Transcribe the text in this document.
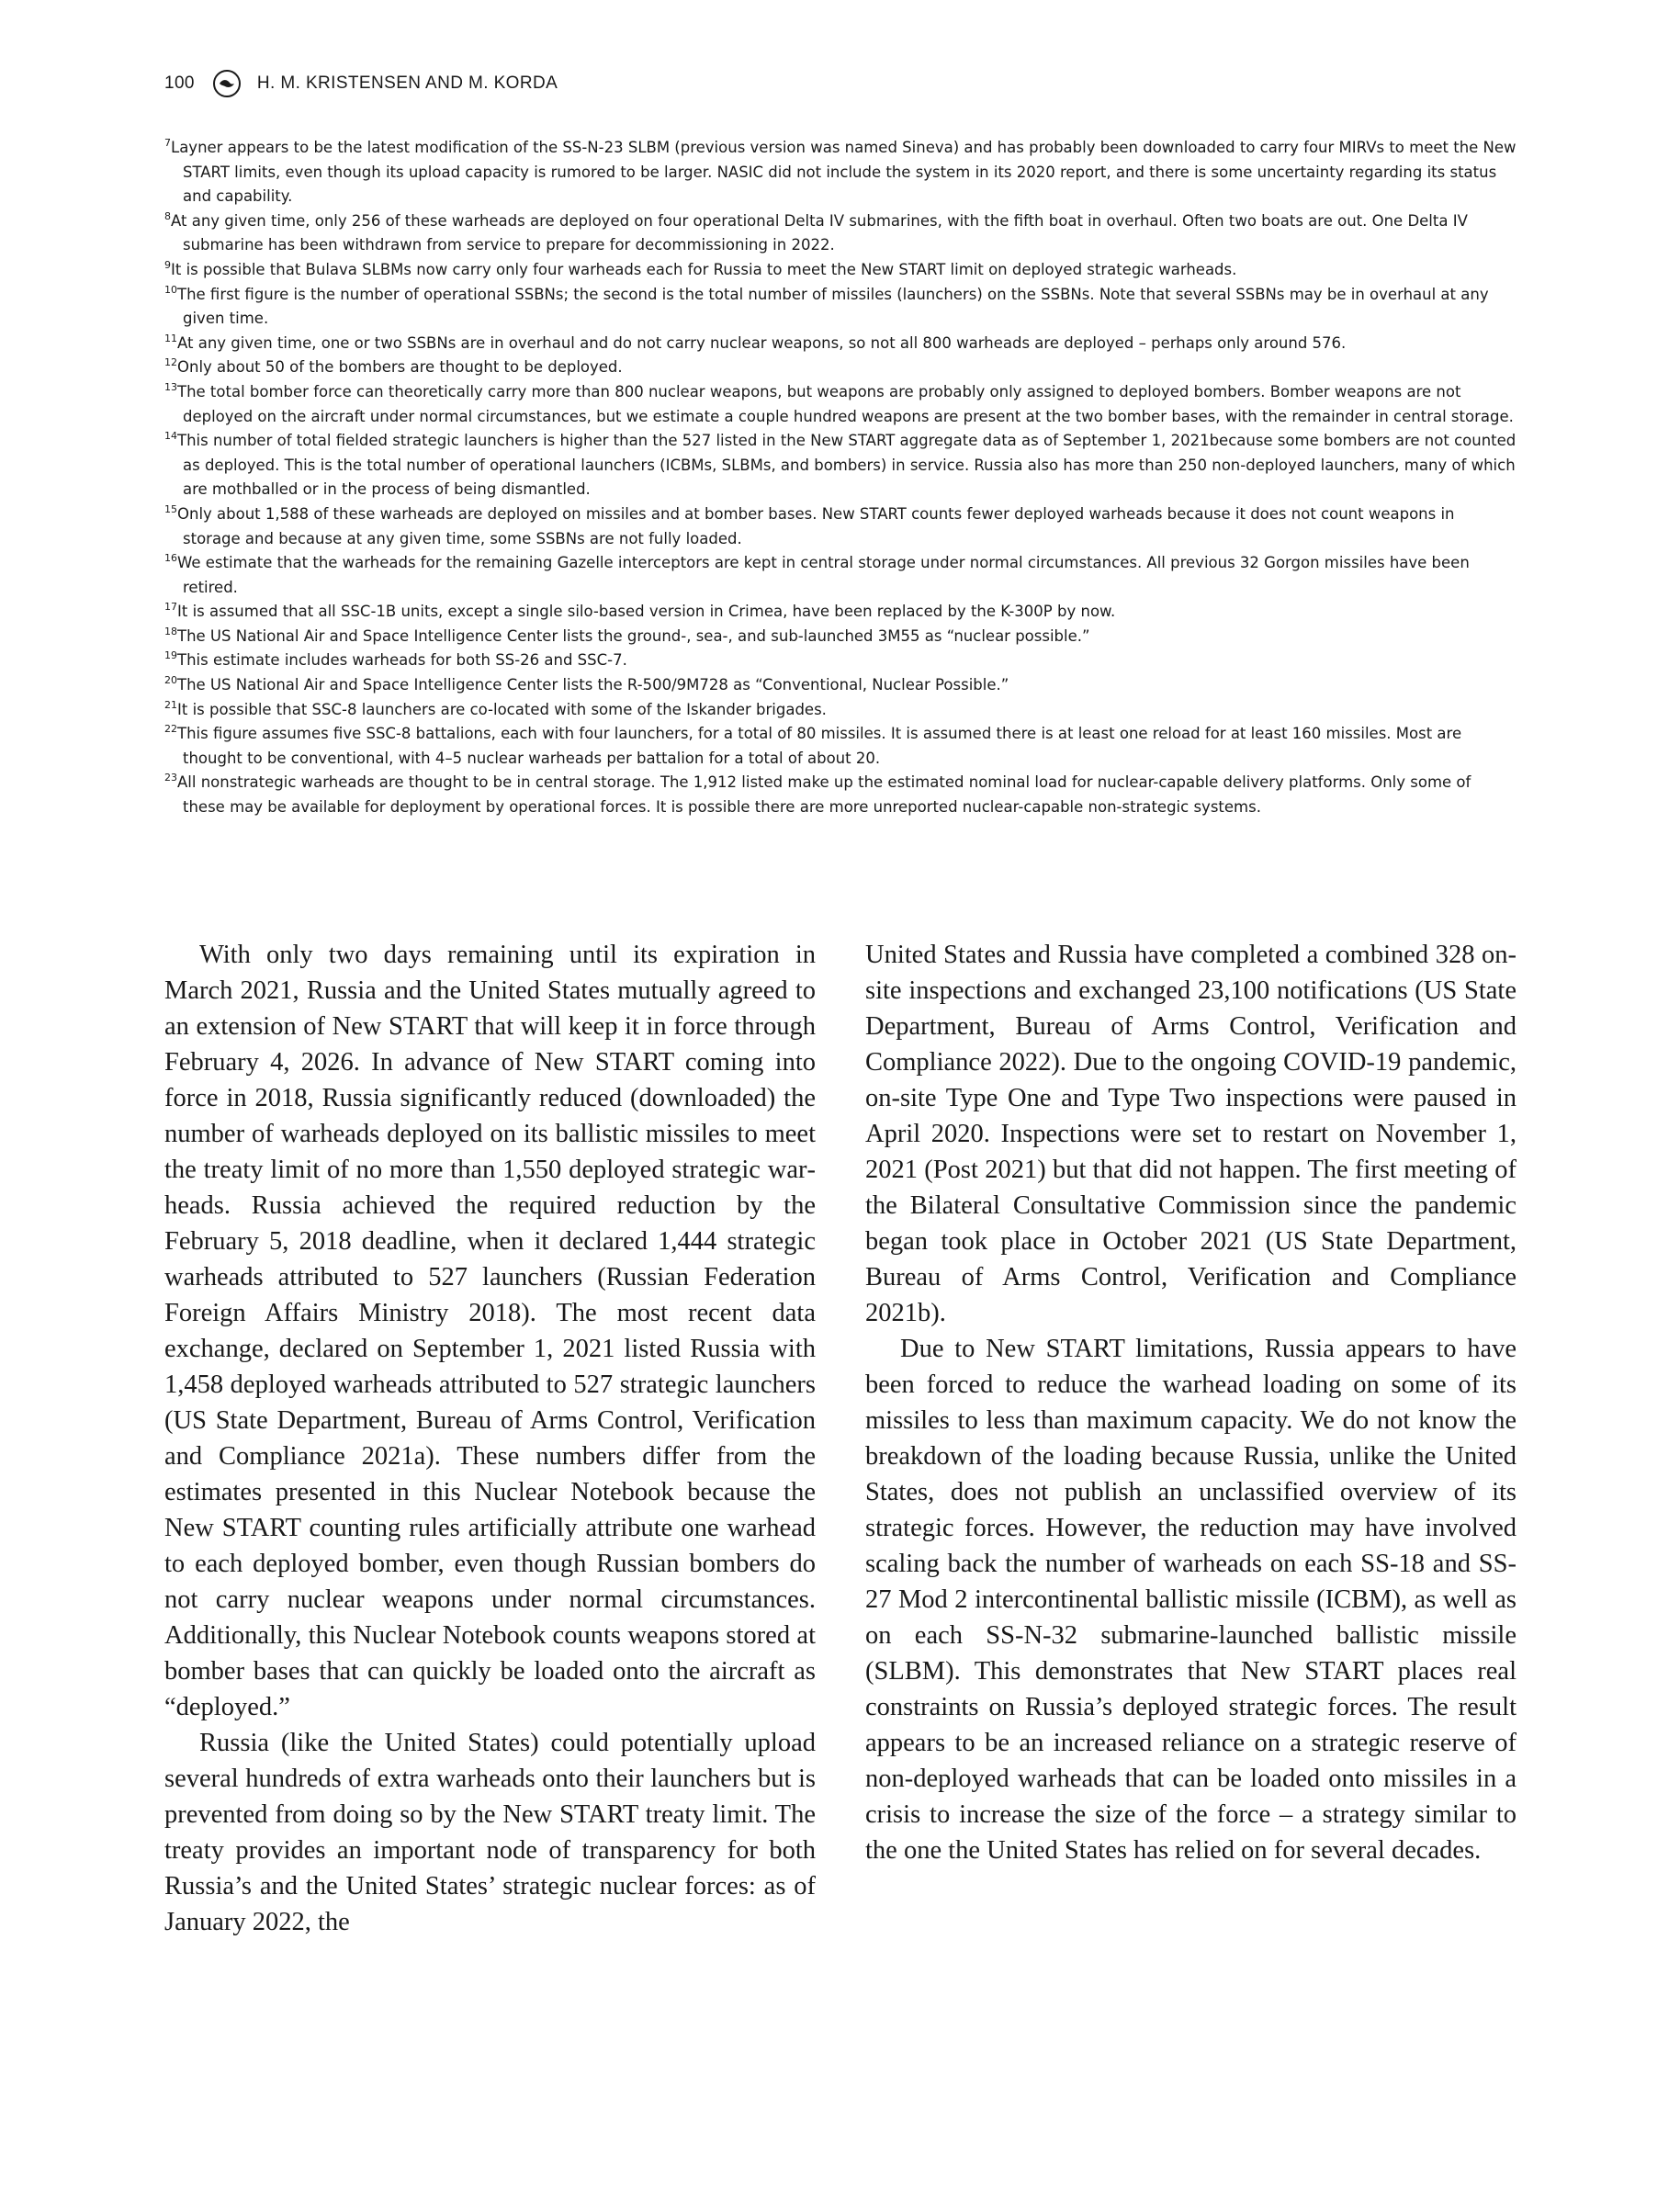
100	H. M. KRISTENSEN AND M. KORDA

$^7$Layner appears to be the latest modification of the SS-N-23 SLBM (previous version was named Sineva) and has probably been downloaded to carry four MIRVs to meet the New START limits, even though its upload capacity is rumored to be larger. NASIC did not include the system in its 2020 report, and there is some uncertainty regarding its status and capability.

$^8$At any given time, only 256 of these warheads are deployed on four operational Delta IV submarines, with the fifth boat in overhaul. Often two boats are out. One Delta IV submarine has been withdrawn from service to prepare for decommissioning in 2022.

$^9$It is possible that Bulava SLBMs now carry only four warheads each for Russia to meet the New START limit on deployed strategic warheads.

$^{10}$The first figure is the number of operational SSBNs; the second is the total number of missiles (launchers) on the SSBNs. Note that several SSBNs may be in overhaul at any given time.

$^{11}$At any given time, one or two SSBNs are in overhaul and do not carry nuclear weapons, so not all 800 warheads are deployed – perhaps only around 576.

$^{12}$Only about 50 of the bombers are thought to be deployed.

$^{13}$The total bomber force can theoretically carry more than 800 nuclear weapons, but weapons are probably only assigned to deployed bombers. Bomber weapons are not deployed on the aircraft under normal circumstances, but we estimate a couple hundred weapons are present at the two bomber bases, with the remainder in central storage.

$^{14}$This number of total fielded strategic launchers is higher than the 527 listed in the New START aggregate data as of September 1, 2021because some bombers are not counted as deployed. This is the total number of operational launchers (ICBMs, SLBMs, and bombers) in service. Russia also has more than 250 non-deployed launchers, many of which are mothballed or in the process of being dismantled.

$^{15}$Only about 1,588 of these warheads are deployed on missiles and at bomber bases. New START counts fewer deployed warheads because it does not count weapons in storage and because at any given time, some SSBNs are not fully loaded.

$^{16}$We estimate that the warheads for the remaining Gazelle interceptors are kept in central storage under normal circumstances. All previous 32 Gorgon missiles have been retired.

$^{17}$It is assumed that all SSC-1B units, except a single silo-based version in Crimea, have been replaced by the K-300P by now.

$^{18}$The US National Air and Space Intelligence Center lists the ground-, sea-, and sub-launched 3M55 as “nuclear possible.”

$^{19}$This estimate includes warheads for both SS-26 and SSC-7.

$^{20}$The US National Air and Space Intelligence Center lists the R-500/9M728 as “Conventional, Nuclear Possible.”

$^{21}$It is possible that SSC-8 launchers are co-located with some of the Iskander brigades.

$^{22}$This figure assumes five SSC-8 battalions, each with four launchers, for a total of 80 missiles. It is assumed there is at least one reload for at least 160 missiles. Most are thought to be conventional, with 4–5 nuclear warheads per battalion for a total of about 20.

$^{23}$All nonstrategic warheads are thought to be in central storage. The 1,912 listed make up the estimated nominal load for nuclear-capable delivery platforms. Only some of these may be available for deployment by operational forces. It is possible there are more unreported nuclear-capable non-strategic systems.

With only two days remaining until its expiration in March 2021, Russia and the United States mutually agreed to an extension of New START that will keep it in force through February 4, 2026. In advance of New START coming into force in 2018, Russia significantly reduced (downloaded) the number of warheads deployed on its ballistic missiles to meet the treaty limit of no more than 1,550 deployed strategic warheads. Russia achieved the required reduction by the February 5, 2018 deadline, when it declared 1,444 strategic warheads attributed to 527 launchers (Russian Federation Foreign Affairs Ministry 2018). The most recent data exchange, declared on September 1, 2021 listed Russia with 1,458 deployed warheads attributed to 527 strategic launchers (US State Department, Bureau of Arms Control, Verification and Compliance 2021a). These numbers differ from the estimates presented in this Nuclear Notebook because the New START counting rules artificially attribute one warhead to each deployed bomber, even though Russian bombers do not carry nuclear weapons under normal circumstances. Additionally, this Nuclear Notebook counts weapons stored at bomber bases that can quickly be loaded onto the aircraft as “deployed.”

Russia (like the United States) could potentially upload several hundreds of extra warheads onto their launchers but is prevented from doing so by the New START treaty limit. The treaty provides an important node of transparency for both Russia’s and the United States’ strategic nuclear forces: as of January 2022, the

United States and Russia have completed a combined 328 on-site inspections and exchanged 23,100 notifications (US State Department, Bureau of Arms Control, Verification and Compliance 2022). Due to the ongoing COVID-19 pandemic, on-site Type One and Type Two inspections were paused in April 2020. Inspections were set to restart on November 1, 2021 (Post 2021) but that did not happen. The first meeting of the Bilateral Consultative Commission since the pandemic began took place in October 2021 (US State Department, Bureau of Arms Control, Verification and Compliance 2021b).

Due to New START limitations, Russia appears to have been forced to reduce the warhead loading on some of its missiles to less than maximum capacity. We do not know the breakdown of the loading because Russia, unlike the United States, does not publish an unclassified overview of its strategic forces. However, the reduction may have involved scaling back the number of warheads on each SS-18 and SS-27 Mod 2 intercontinental ballistic missile (ICBM), as well as on each SS-N-32 submarine-launched ballistic missile (SLBM). This demonstrates that New START places real constraints on Russia’s deployed strategic forces. The result appears to be an increased reliance on a strategic reserve of non-deployed warheads that can be loaded onto missiles in a crisis to increase the size of the force – a strategy similar to the one the United States has relied on for several decades.
